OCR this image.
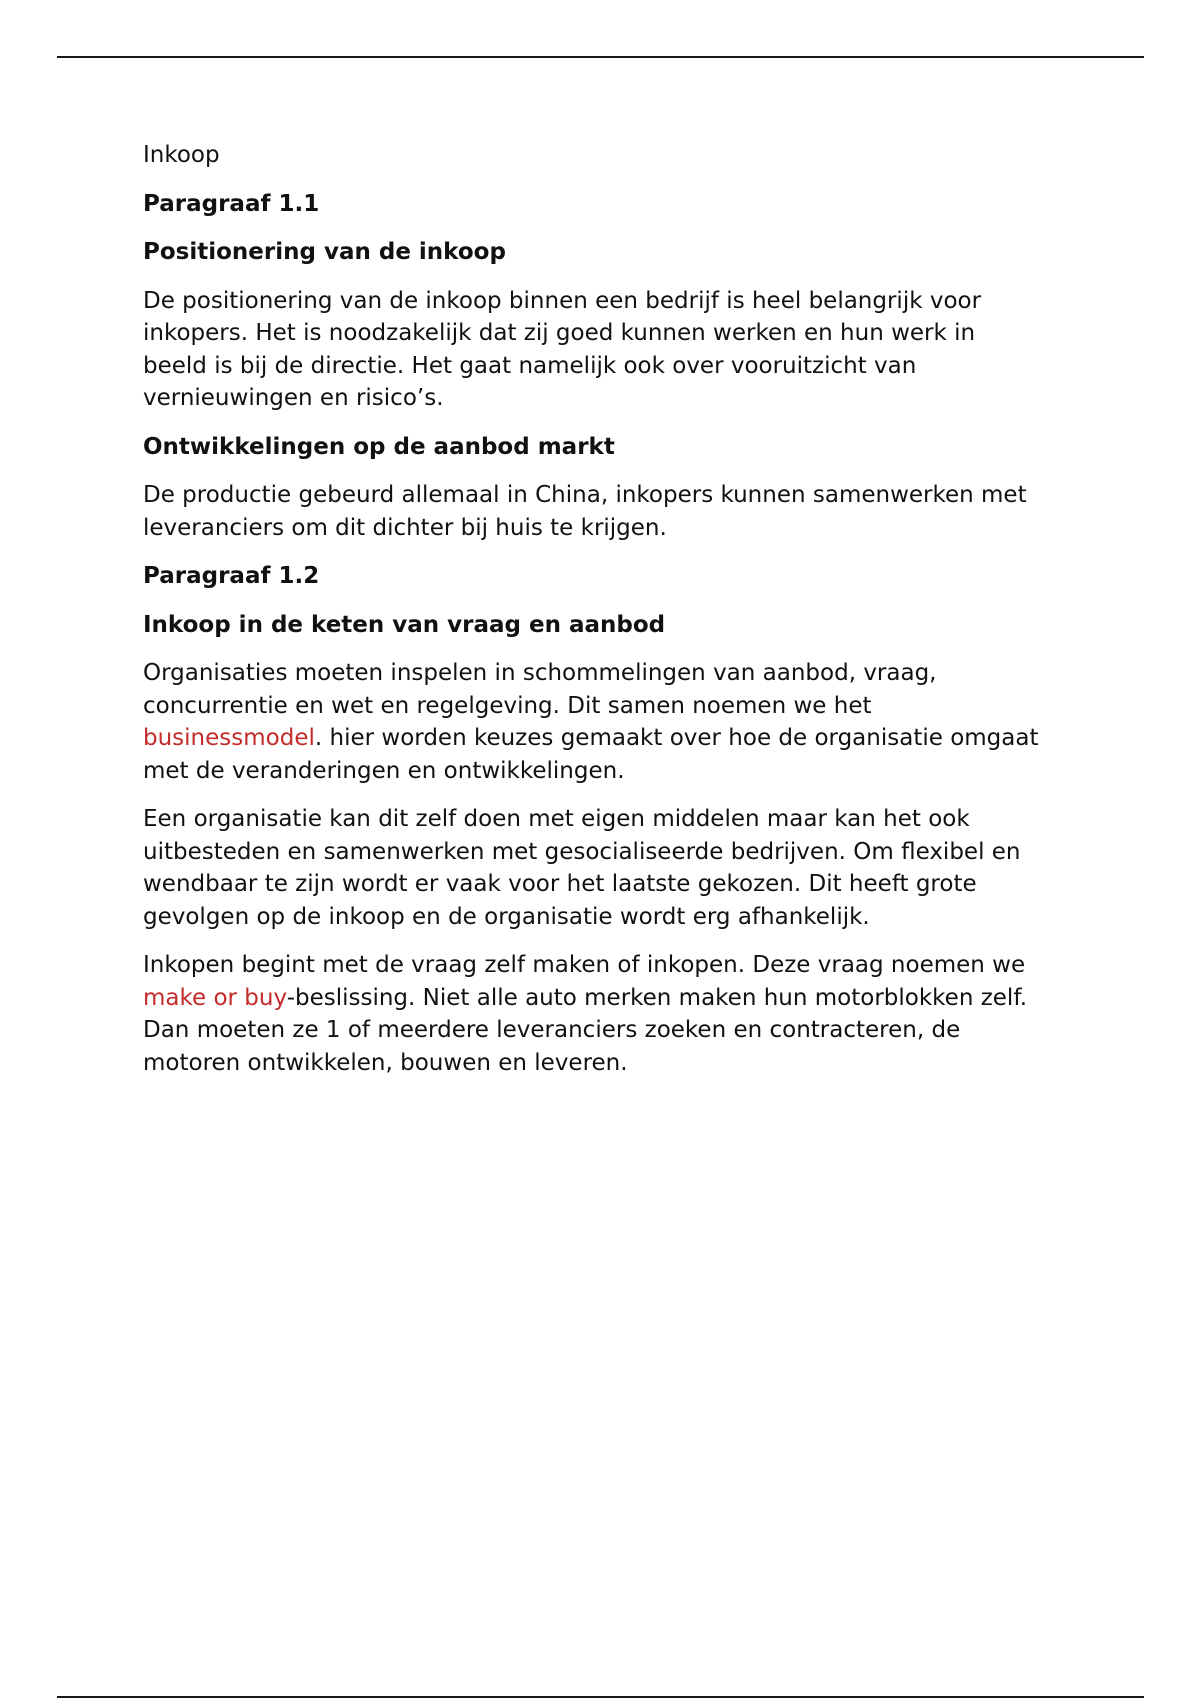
Inkoop

Paragraaf 1.1

Positionering van de inkoop

De positionering van de inkoop binnen een bedrijf is heel belangrijk voor inkopers. Het is noodzakelijk dat zij goed kunnen werken en hun werk in beeld is bij de directie. Het gaat namelijk ook over vooruitzicht van vernieuwingen en risico’s.

Ontwikkelingen op de aanbod markt

De productie gebeurd allemaal in China, inkopers kunnen samenwerken met leveranciers om dit dichter bij huis te krijgen.

Paragraaf 1.2

Inkoop in de keten van vraag en aanbod

Organisaties moeten inspelen in schommelingen van aanbod, vraag, concurrentie en wet en regelgeving. Dit samen noemen we het businessmodel. hier worden keuzes gemaakt over hoe de organisatie omgaat met de veranderingen en ontwikkelingen.

Een organisatie kan dit zelf doen met eigen middelen maar kan het ook uitbesteden en samenwerken met gesocialiseerde bedrijven. Om flexibel en wendbaar te zijn wordt er vaak voor het laatste gekozen. Dit heeft grote gevolgen op de inkoop en de organisatie wordt erg afhankelijk.

Inkopen begint met de vraag zelf maken of inkopen. Deze vraag noemen we make or buy-beslissing. Niet alle auto merken maken hun motorblokken zelf. Dan moeten ze 1 of meerdere leveranciers zoeken en contracteren, de motoren ontwikkelen, bouwen en leveren.
